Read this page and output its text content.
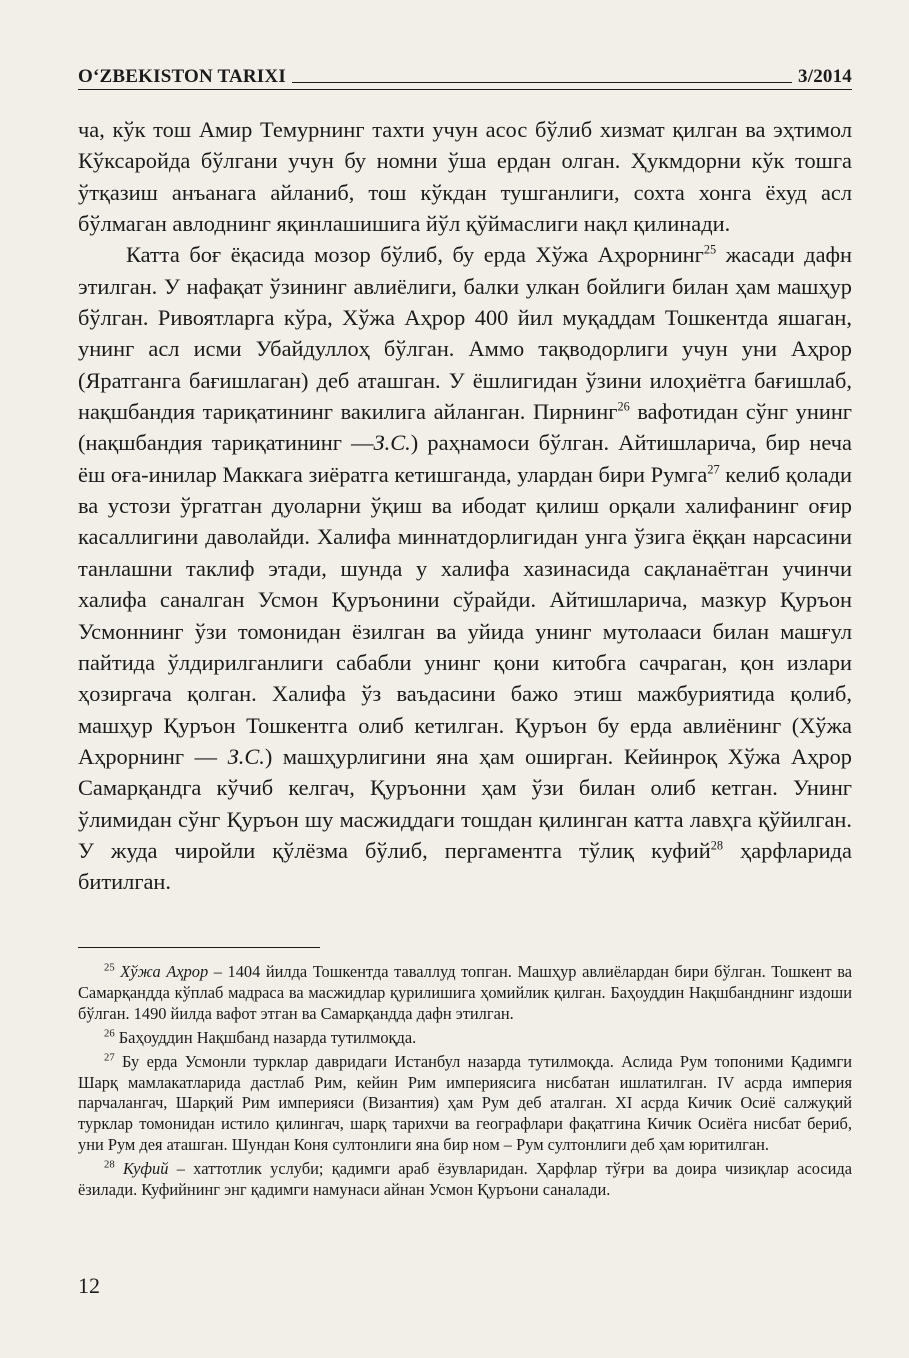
O‘ZBEKISTON TARIXI	3/2014

ча, кўк тош Амир Темурнинг тахти учун асос бўлиб хизмат қилган ва эҳтимол Кўксаройда бўлгани учун бу номни ўша ердан олган. Ҳукмдорни кўк тошга ўтқазиш анъанага айланиб, тош кўкдан тушганлиги, сохта хонга ёхуд асл бўлмаган авлоднинг яқинлашишига йўл қўймаслиги нақл қилинади.

Катта боғ ёқасида мозор бўлиб, бу ерда Хўжа Аҳрорнинг$^{25}$ жасади дафн этилган. У нафақат ўзининг авлиёлиги, балки улкан бойлиги билан ҳам машҳур бўлган. Ривоятларга кўра, Хўжа Аҳрор 400 йил муқаддам Тошкентда яшаган, унинг асл исми Убайдуллоҳ бўлган. Аммо тақводорлиги учун уни Аҳрор (Яратганга бағишлаган) деб аташган. У ёшлигидан ўзини илоҳиётга бағишлаб, нақшбандия тариқатининг вакилига айланган. Пирнинг$^{26}$ вафотидан сўнг унинг (нақшбандия тариқатининг —З.С.) раҳнамоси бўлган. Айтишларича, бир неча ёш оға-инилар Маккага зиёратга кетишганда, улардан бири Румга$^{27}$ келиб қолади ва устози ўргатган дуоларни ўқиш ва ибодат қилиш орқали халифанинг оғир касаллигини даволайди. Халифа миннатдорлигидан унга ўзига ёққан нарсасини танлашни таклиф этади, шунда у халифа хазинасида сақланаётган учинчи халифа саналган Усмон Қуръонини сўрайди. Айтишларича, мазкур Қуръон Усмоннинг ўзи томонидан ёзилган ва уйида унинг мутолааси билан машғул пайтида ўлдирилганлиги сабабли унинг қони китобга сачраган, қон излари ҳозиргача қолган. Халифа ўз ваъдасини бажо этиш мажбуриятида қолиб, машҳур Қуръон Тошкентга олиб кетилган. Қуръон бу ерда авлиёнинг (Хўжа Аҳрорнинг — З.С.) машҳурлигини яна ҳам оширган. Кейинроқ Хўжа Аҳрор Самарқандга кўчиб келгач, Қуръонни ҳам ўзи билан олиб кетган. Унинг ўлимидан сўнг Қуръон шу масжиддаги тошдан қилинган катта лавҳга қўйилган. У жуда чиройли қўлёзма бўлиб, пергаментга тўлиқ куфий$^{28}$ ҳарфларида битилган.

$^{25}$ Хўжа Аҳрор – 1404 йилда Тошкентда таваллуд топган. Машҳур авлиёлардан бири бўлган. Тошкент ва Самарқандда кўплаб мадраса ва масжидлар қурилишига ҳомийлик қилган. Баҳоуддин Нақшбанднинг издоши бўлган. 1490 йилда вафот этган ва Самарқандда дафн этилган.

$^{26}$ Баҳоуддин Нақшбанд назарда тутилмоқда.

$^{27}$ Бу ерда Усмонли турклар давридаги Истанбул назарда тутилмоқда. Аслида Рум топоними Қадимги Шарқ мамлакатларида дастлаб Рим, кейин Рим империясига нисбатан ишлатилган. IV асрда империя парчалангач, Шарқий Рим империяси (Византия) ҳам Рум деб аталган. XI асрда Кичик Осиё салжуқий турклар томонидан истило қилингач, шарқ тарихчи ва географлари фақатгина Кичик Осиёга нисбат бериб, уни Рум дея аташган. Шундан Коня султонлиги яна бир ном – Рум султонлиги деб ҳам юритилган.

$^{28}$ Куфий – хаттотлик услуби; қадимги араб ёзувларидан. Ҳарфлар тўғри ва доира чизиқлар асосида ёзилади. Куфийнинг энг қадимги намунаси айнан Усмон Қуръони саналади.

12
